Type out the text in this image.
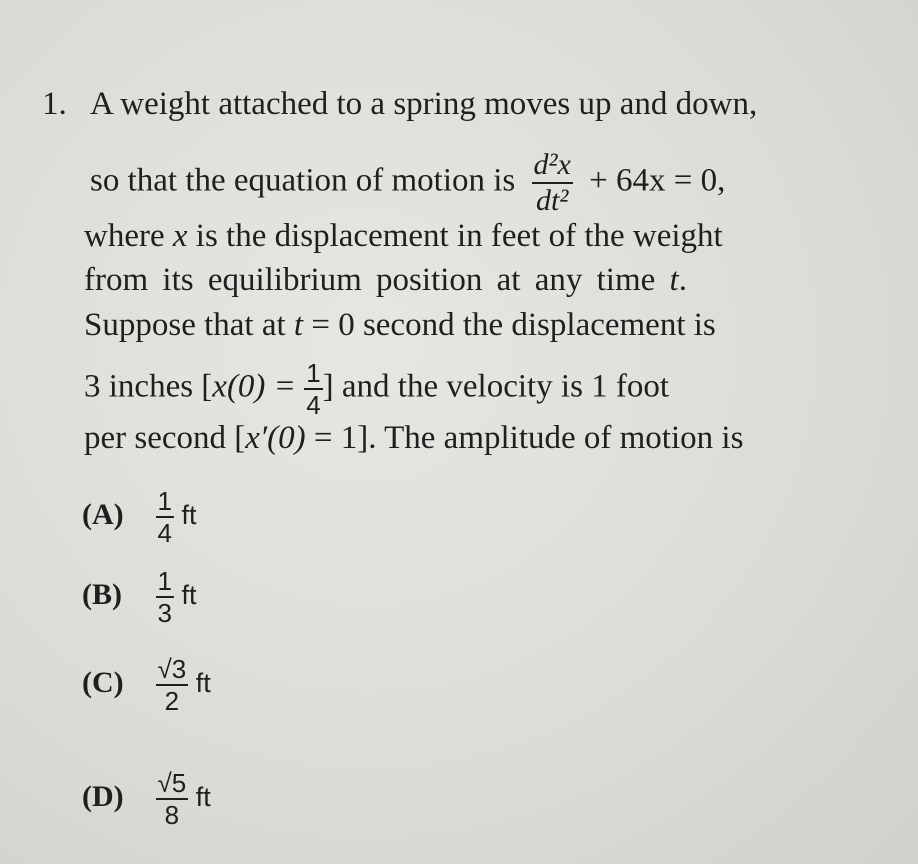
1. A weight attached to a spring moves up and down,
so that the equation of motion is $\frac{\text{d²x}}{\text{dt²}} + 64x = 0$,
where x is the displacement in feet of the weight
from its equilibrium position at any time t.
Suppose that at t = 0 second the displacement is
3 inches [$x(0) = \frac{1}{4}$ ] and the velocity is 1 foot
per second [x′(0) = 1]. The amplitude of motion is
$(A) \frac{1}{4}$ ft
$(B) \frac{1}{3}$ ft
$(C) \frac{√3}{2}$ ft
$(D) \frac{√5}{8}$ ft
